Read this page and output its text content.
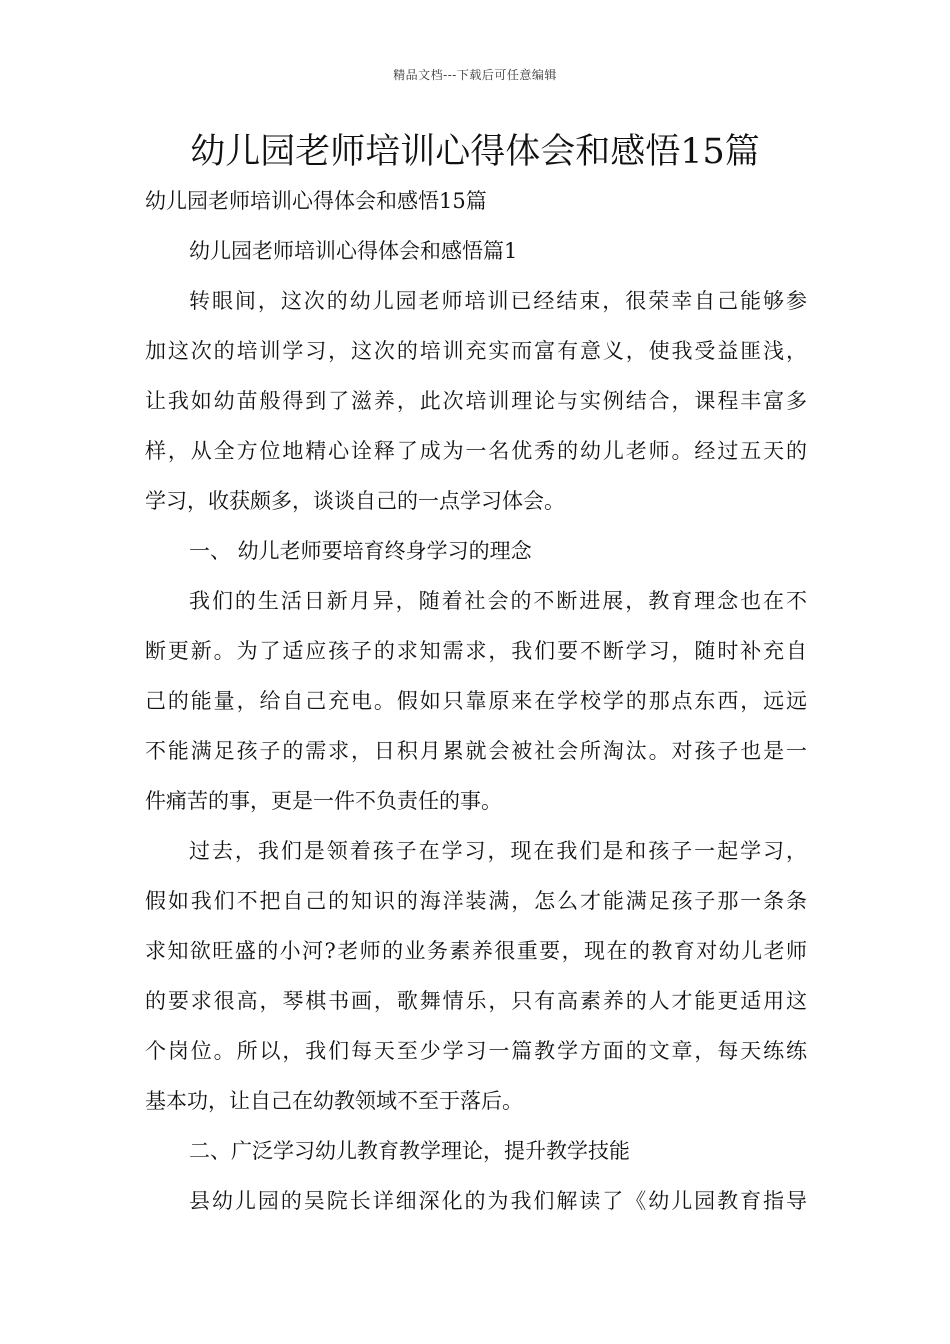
精品文档---下载后可任意编辑
幼儿园老师培训心得体会和感悟15篇
幼儿园老师培训心得体会和感悟15篇
幼儿园老师培训心得体会和感悟篇1
转眼间，这次的幼儿园老师培训已经结束，很荣幸自己能够参
加这次的培训学习，这次的培训充实而富有意义，使我受益匪浅，
让我如幼苗般得到了滋养，此次培训理论与实例结合，课程丰富多
样，从全方位地精心诠释了成为一名优秀的幼儿老师。经过五天的
学习，收获颇多，谈谈自己的一点学习体会。
一、 幼儿老师要培育终身学习的理念
我们的生活日新月异，随着社会的不断进展，教育理念也在不
断更新。为了适应孩子的求知需求，我们要不断学习，随时补充自
己的能量，给自己充电。假如只靠原来在学校学的那点东西，远远
不能满足孩子的需求，日积月累就会被社会所淘汰。对孩子也是一
件痛苦的事，更是一件不负责任的事。
过去，我们是领着孩子在学习，现在我们是和孩子一起学习，
假如我们不把自己的知识的海洋装满，怎么才能满足孩子那一条条
求知欲旺盛的小河?老师的业务素养很重要，现在的教育对幼儿老师
的要求很高，琴棋书画，歌舞情乐，只有高素养的人才能更适用这
个岗位。所以，我们每天至少学习一篇教学方面的文章，每天练练
基本功，让自己在幼教领域不至于落后。
二、广泛学习幼儿教育教学理论，提升教学技能
县幼儿园的吴院长详细深化的为我们解读了《幼儿园教育指导
